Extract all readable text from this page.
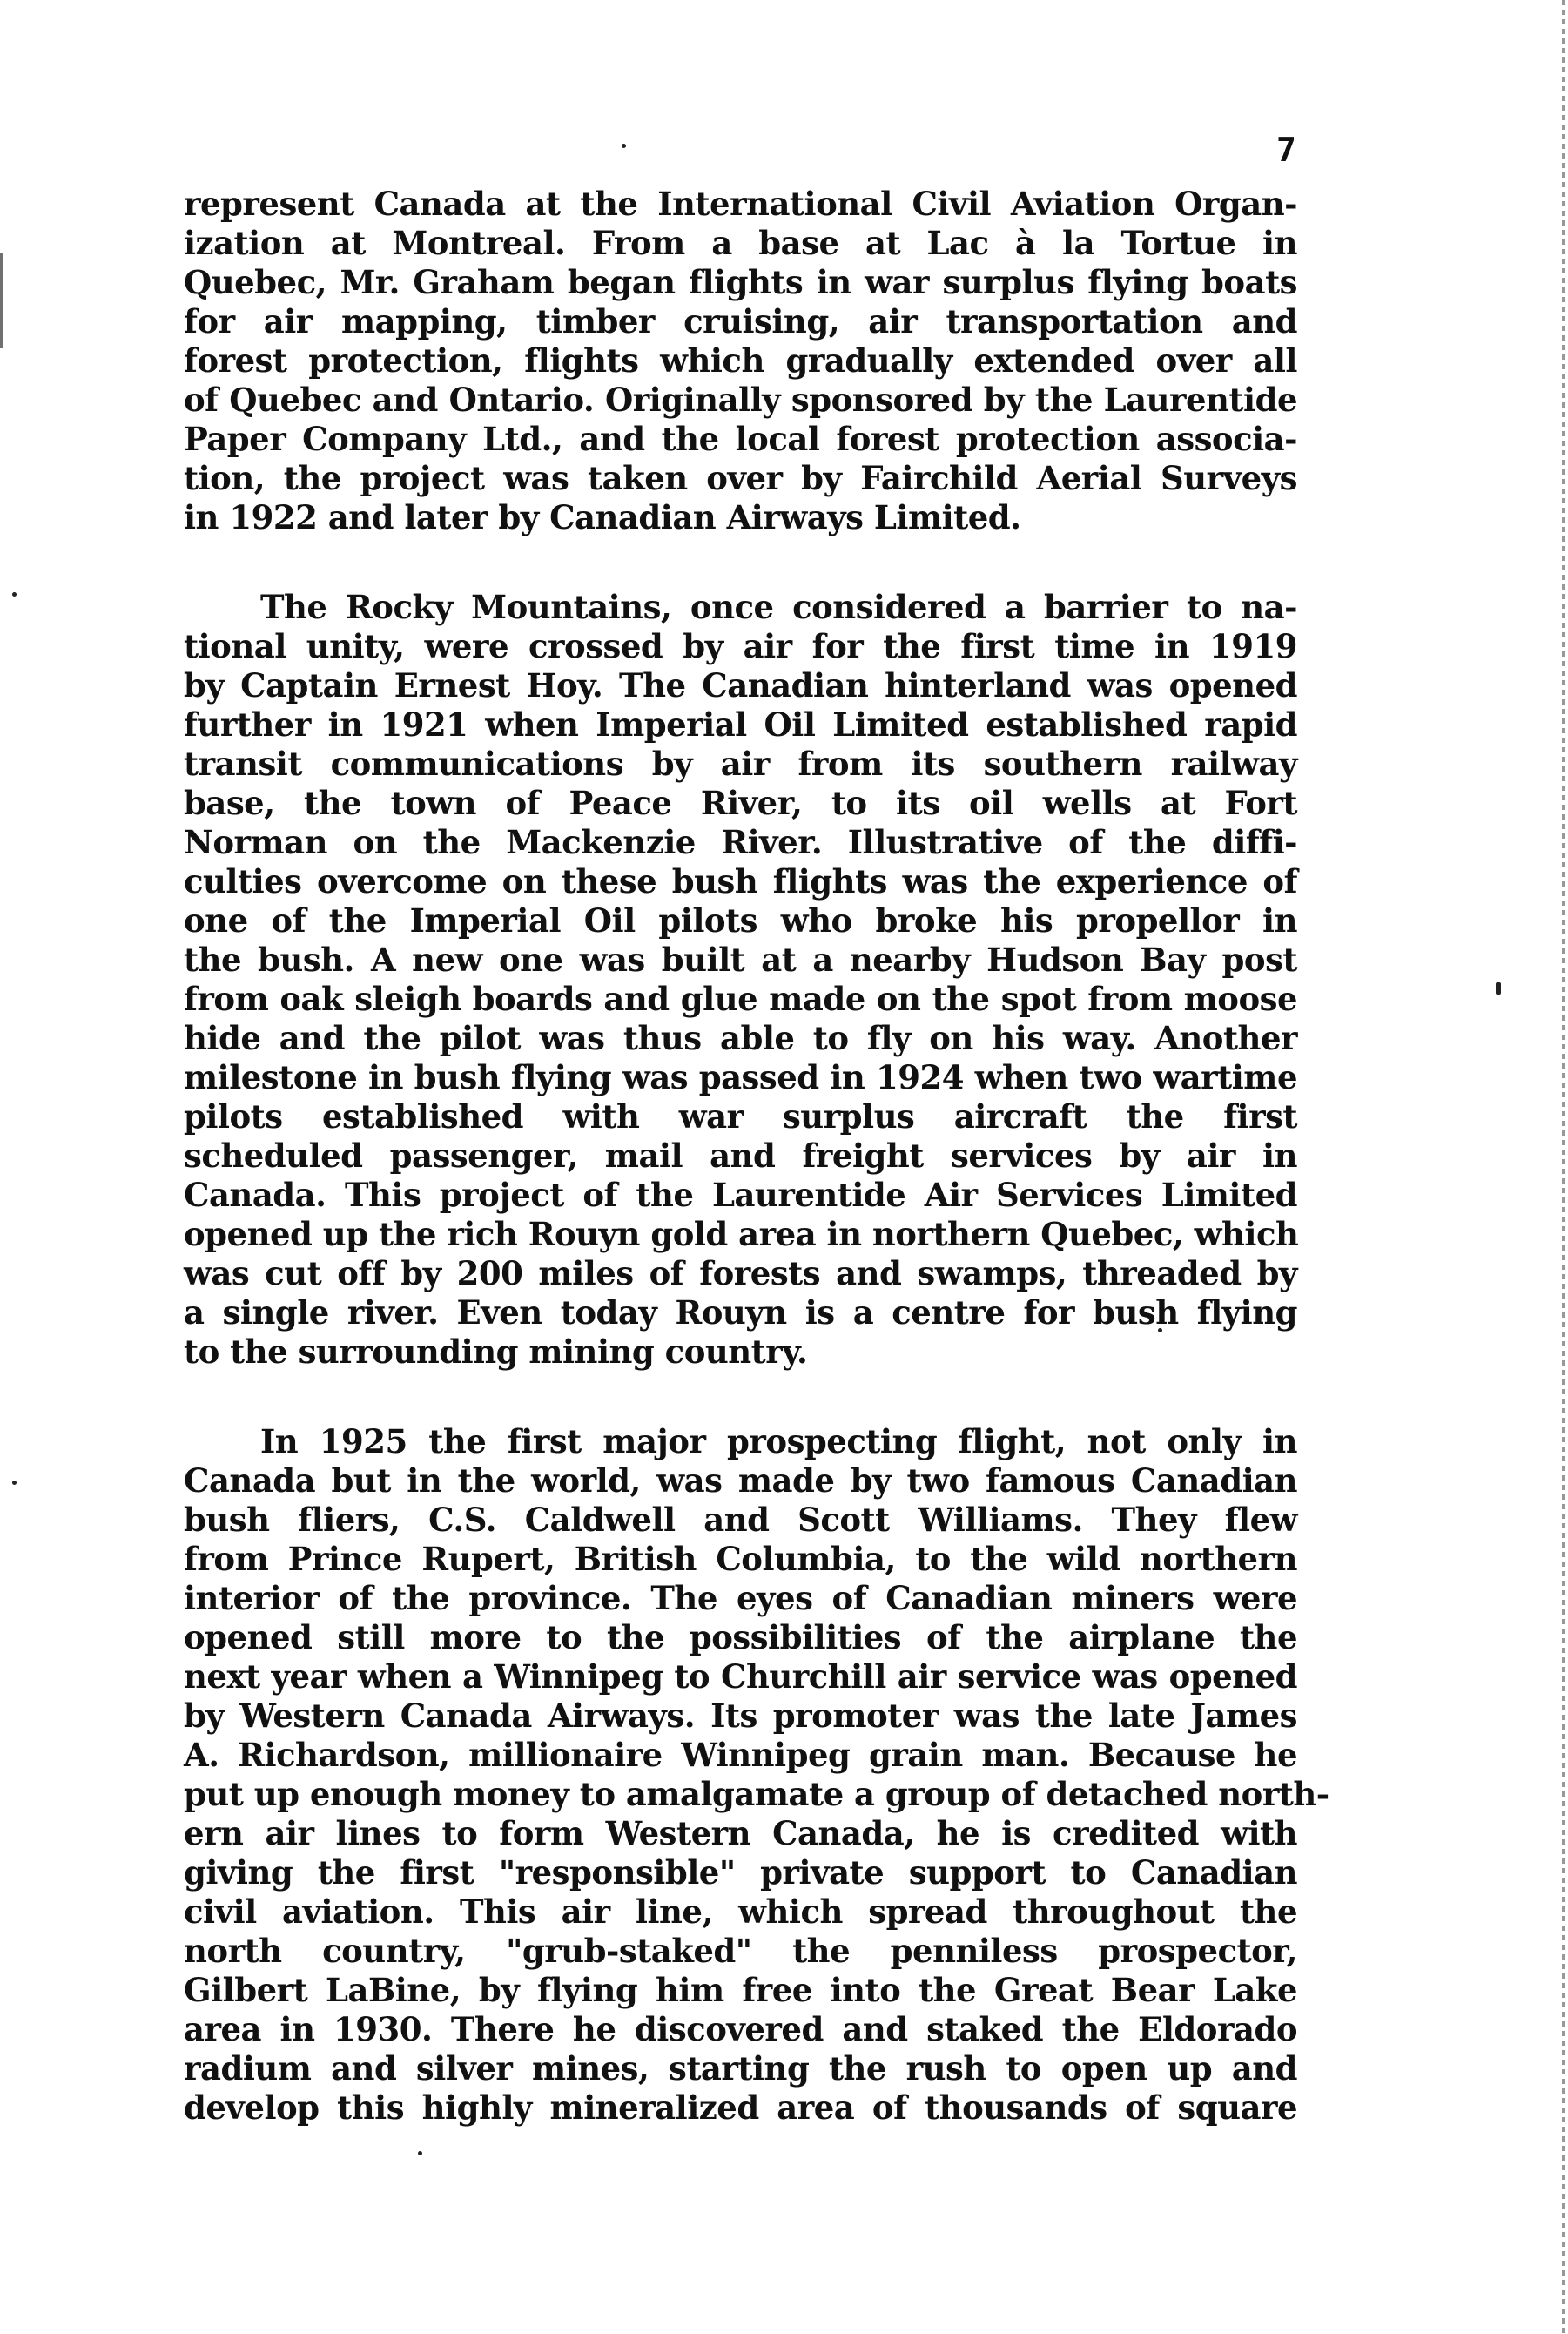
7

represent Canada at the International Civil Aviation Organ-
ization at Montreal. From a base at Lac à la Tortue in
Quebec, Mr. Graham began flights in war surplus flying boats
for air mapping, timber cruising, air transportation and
forest protection, flights which gradually extended over all
of Quebec and Ontario. Originally sponsored by the Laurentide
Paper Company Ltd., and the local forest protection associa-
tion, the project was taken over by Fairchild Aerial Surveys
in 1922 and later by Canadian Airways Limited.

The Rocky Mountains, once considered a barrier to na-
tional unity, were crossed by air for the first time in 1919
by Captain Ernest Hoy. The Canadian hinterland was opened
further in 1921 when Imperial Oil Limited established rapid
transit communications by air from its southern railway
base, the town of Peace River, to its oil wells at Fort
Norman on the Mackenzie River. Illustrative of the diffi-
culties overcome on these bush flights was the experience of
one of the Imperial Oil pilots who broke his propellor in
the bush. A new one was built at a nearby Hudson Bay post
from oak sleigh boards and glue made on the spot from moose
hide and the pilot was thus able to fly on his way. Another
milestone in bush flying was passed in 1924 when two wartime
pilots established with war surplus aircraft the first
scheduled passenger, mail and freight services by air in
Canada. This project of the Laurentide Air Services Limited
opened up the rich Rouyn gold area in northern Quebec, which
was cut off by 200 miles of forests and swamps, threaded by
a single river. Even today Rouyn is a centre for bush flying
to the surrounding mining country.

In 1925 the first major prospecting flight, not only in
Canada but in the world, was made by two famous Canadian
bush fliers, C.S. Caldwell and Scott Williams. They flew
from Prince Rupert, British Columbia, to the wild northern
interior of the province. The eyes of Canadian miners were
opened still more to the possibilities of the airplane the
next year when a Winnipeg to Churchill air service was opened
by Western Canada Airways. Its promoter was the late James
A. Richardson, millionaire Winnipeg grain man. Because he
put up enough money to amalgamate a group of detached north-
ern air lines to form Western Canada, he is credited with
giving the first "responsible" private support to Canadian
civil aviation. This air line, which spread throughout the
north country, "grub-staked" the penniless prospector,
Gilbert LaBine, by flying him free into the Great Bear Lake
area in 1930. There he discovered and staked the Eldorado
radium and silver mines, starting the rush to open up and
develop this highly mineralized area of thousands of square
